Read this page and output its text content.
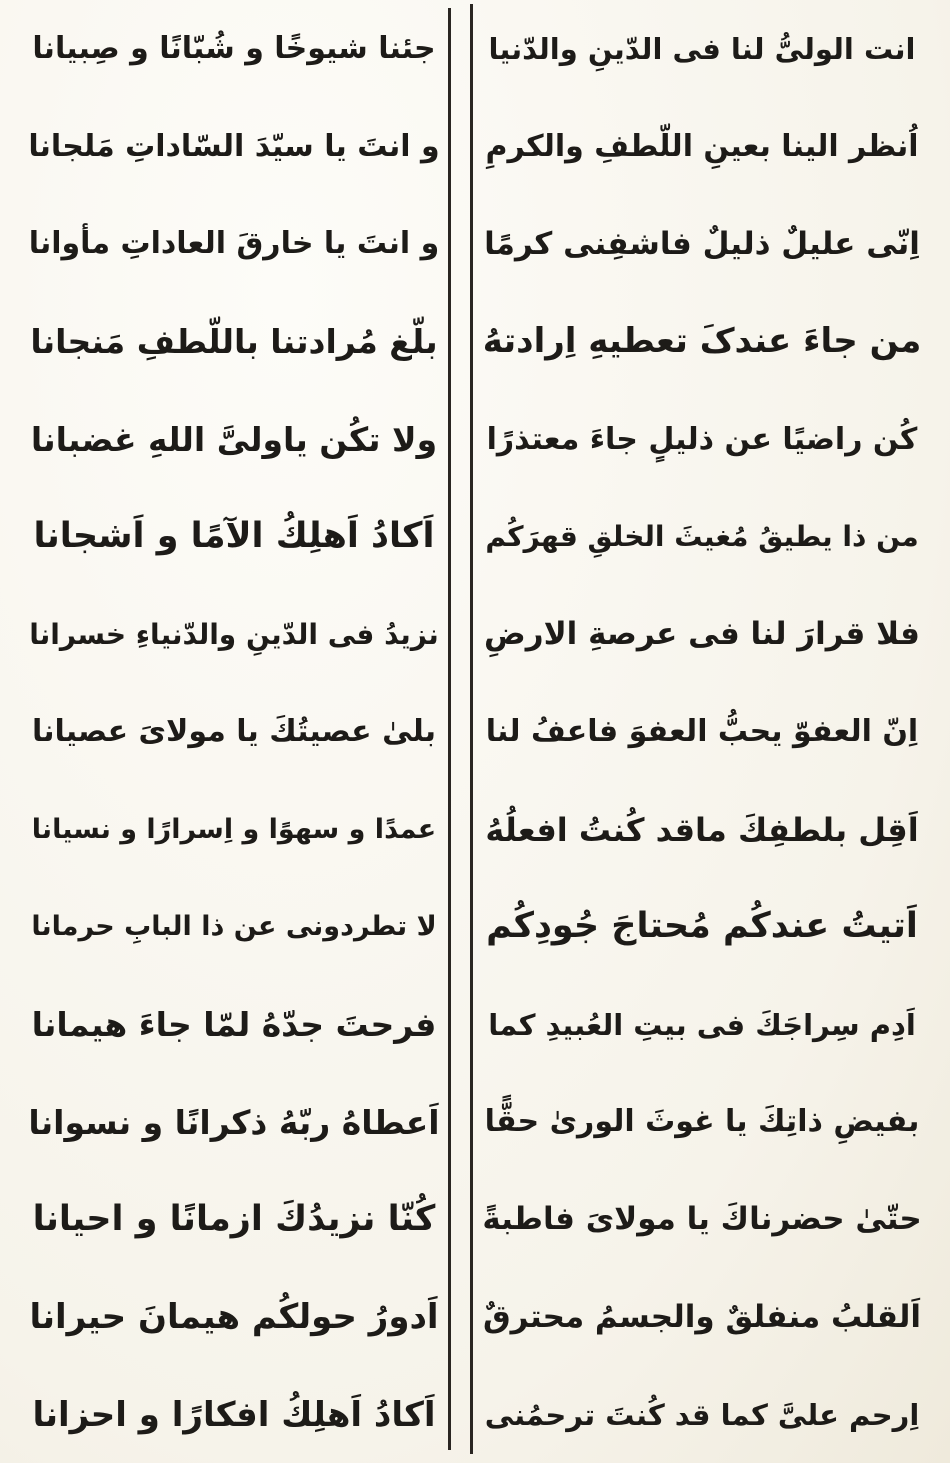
انت الولیُّ لنا فی الدّینِ والدّنیا
اُنظر الینا بعینِ اللّطفِ والکرمِ
اِنّی علیلٌ ذلیلٌ فاشفِنی کرمًا
من جاءَ عندکَ تعطیهِ اِرادتهُ
کُن راضیًا عن ذلیلٍ جاءَ معتذرًا
من ذا یطیقُ مُغیثَ الخلقِ قهرَکُم
فلا قرارَ لنا فی عرصةِ الارضِ
اِنّ العفوّ یحبُّ العفوَ فاعفُ لنا
اَقِل بلطفِكَ ماقد کُنتُ افعلُهُ
اَتیتُ عندکُم مُحتاجَ جُودِکُم
اَدِم سِراجَكَ فی بیتِ العُبیدِ کما
بفیضِ ذاتِكَ یا غوثَ الوریٰ حقًّا
حتّیٰ حضرناكَ یا مولایَ فاطبةً
اَلقلبُ منفلقٌ والجسمُ محترقٌ
اِرحم علیَّ کما قد کُنتَ ترحمُنی
جئنا شیوخًا و شُبّانًا و صِبیانا
و انتَ یا سیّدَ السّاداتِ مَلجانا
و انتَ یا خارقَ العاداتِ مأوانا
بلّغ مُرادتنا باللّطفِ مَنجانا
ولا تکُن یاولیَّ اللهِ غضبانا
اَکادُ اَهلِكُ الآمًا و اَشجانا
نزیدُ فی الدّینِ والدّنیاءِ خسرانا
بلیٰ عصیتُكَ یا مولایَ عصیانا
عمدًا و سهوًا و اِسرارًا و نسیانا
لا تطردونی عن ذا البابِ حرمانا
فرحتَ جدّهُ لمّا جاءَ هیمانا
اَعطاهُ ربّهُ ذکرانًا و نسوانا
کُنّا نزیدُكَ ازمانًا و احیانا
اَدورُ حولکُم هیمانَ حیرانا
اَکادُ اَهلِكُ افکارًا و احزانا
